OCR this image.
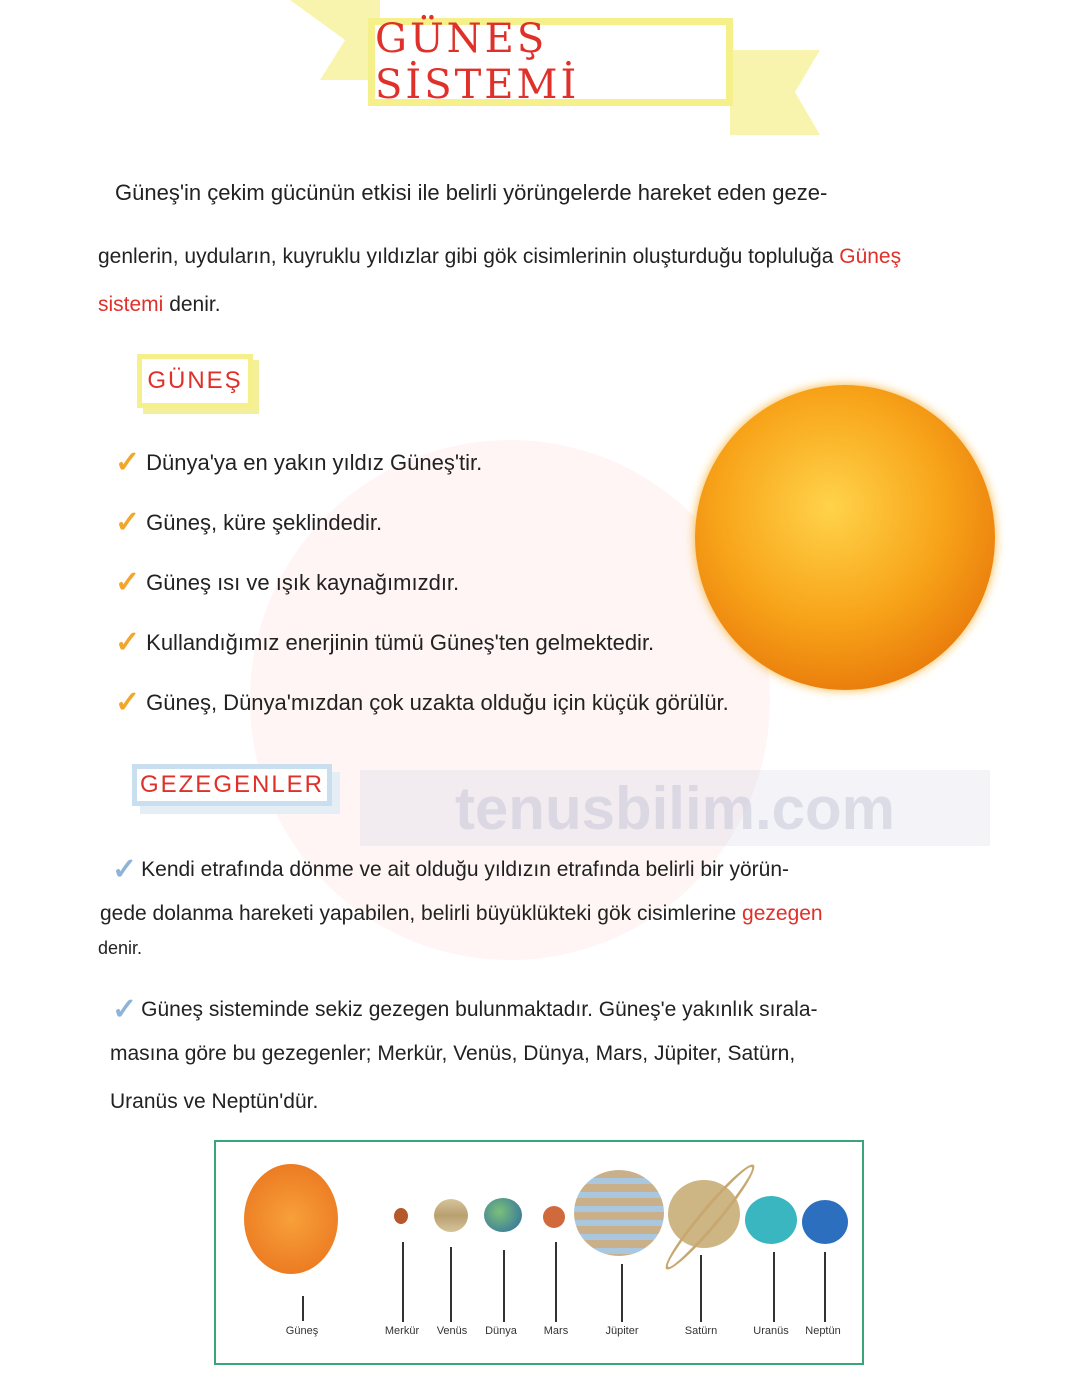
GÜNEŞ SİSTEMİ
Güneş'in çekim gücünün etkisi ile belirli yörüngelerde hareket eden geze-
genlerin, uyduların, kuyruklu yıldızlar gibi gök cisimlerinin oluşturduğu topluluğa Güneş
sistemi denir.
GÜNEŞ
✓ Dünya'ya en yakın yıldız Güneş'tir.
✓ Güneş, küre şeklindedir.
✓ Güneş ısı ve ışık kaynağımızdır.
✓ Kullandığımız enerjinin tümü Güneş'ten gelmektedir.
✓ Güneş, Dünya'mızdan çok uzakta olduğu için küçük görülür.
GEZEGENLER	tenusbilim.com
✓ Kendi etrafında dönme ve ait olduğu yıldızın etrafında belirli bir yörün-
gede dolanma hareketi yapabilen, belirli büyüklükteki gök cisimlerine gezegen
denir.
✓ Güneş sisteminde sekiz gezegen bulunmaktadır. Güneş'e yakınlık sırala-
masına göre bu gezegenler; Merkür, Venüs, Dünya, Mars, Jüpiter, Satürn,
Uranüs ve Neptün'dür.
Güneş	Merkür Venüs Dünya Mars	Jüpiter	Satürn	Uranüs Neptün
